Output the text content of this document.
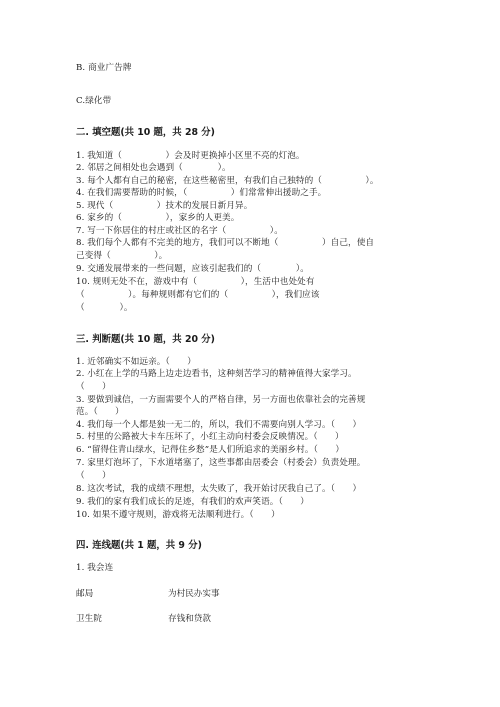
B. 商业广告牌
C.绿化带
二. 填空题(共 10 题，共 28 分)
1. 我知道（　　　　　）会及时更换掉小区里不亮的灯泡。
2. 邻居之间相处也会遇到（　　　　）。
3. 每个人都有自己的秘密，在这些秘密里，有我们自己独特的（　　　　　）。
4. 在我们需要帮助的时候，（　　　　　）们常常伸出援助之手。
5. 现代（　　　　　）技术的发展日新月异。
6. 家乡的（　　　　　），家乡的人更美。
7. 写一下你居住的村庄或社区的名字（　　　　　）。
8. 我们每个人都有不完美的地方，我们可以不断地（　　　　　）自己，使自
己变得（　　　　　）。
9. 交通发展带来的一些问题，应该引起我们的（　　　　）。
10. 规则无处不在，游戏中有（　　　　　），生活中也处处有
（　　　　　）。每种规则都有它们的（　　　　　），我们应该
（　　　　）。
三. 判断题(共 10 题，共 20 分)
1. 近邻确实不如远亲。（　　）
2. 小红在上学的马路上边走边看书，这种刻苦学习的精神值得大家学习。
（　　）
3. 要做到诚信，一方面需要个人的严格自律，另一方面也依靠社会的完善规
范。（　　）
4. 我们每一个人都是独一无二的，所以，我们不需要向别人学习。（　　）
5. 村里的公路被大卡车压坏了，小红主动向村委会反映情况。（　　）
6. “留得住青山绿水，记得住乡愁”是人们所追求的美丽乡村。（　　）
7. 家里灯泡坏了，下水道堵塞了，这些事都由居委会（村委会）负责处理。
（　　）
8. 这次考试，我的成绩不理想，太失败了，我开始讨厌我自己了。（　　）
9. 我们的家有我们成长的足迹，有我们的欢声笑语。（　　）
10. 如果不遵守规则，游戏将无法顺利进行。（　　）
四. 连线题(共 1 题，共 9 分)
1. 我会连
邮局	为村民办实事
卫生院	存钱和贷款
